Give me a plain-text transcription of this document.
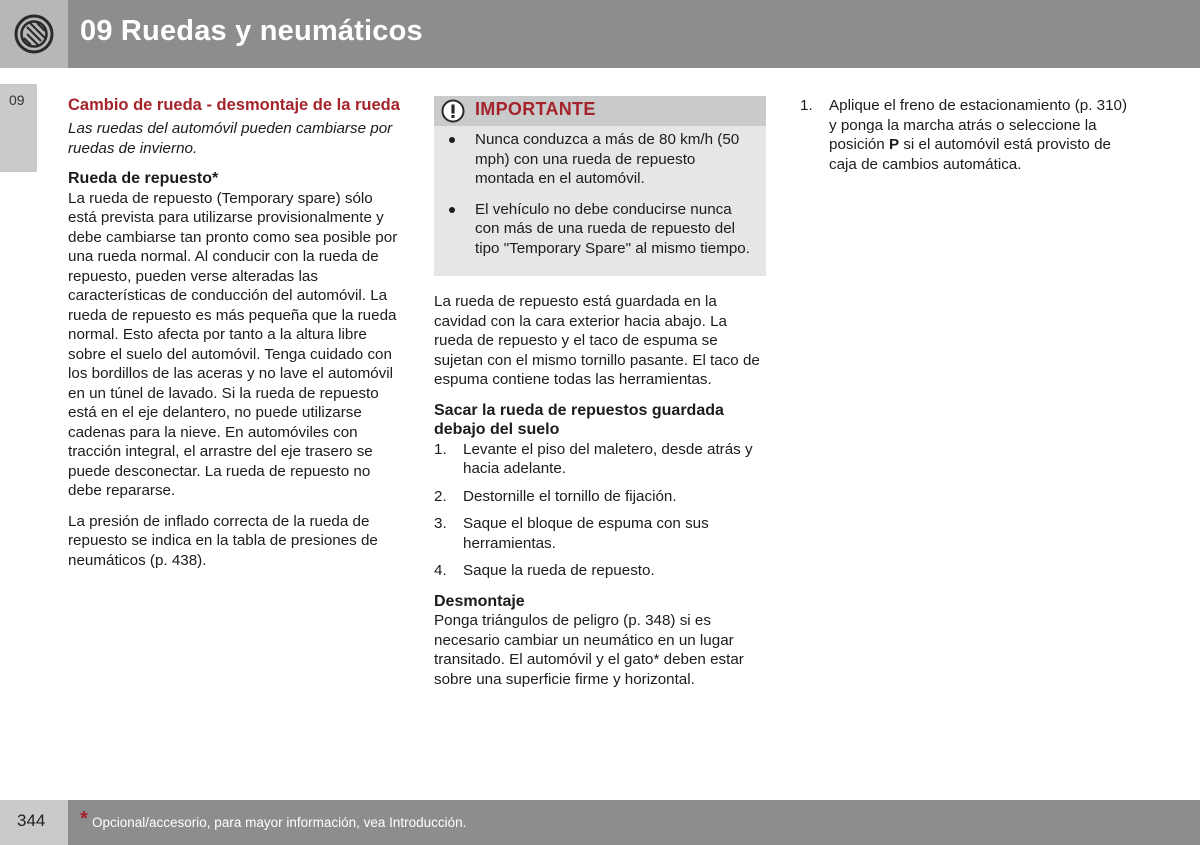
09 Ruedas y neumáticos
09	Cambio de rueda - desmontaje de la rueda
Las ruedas del automóvil pueden cambiarse por ruedas de invierno.
Rueda de repuesto*

La rueda de repuesto (Temporary spare) sólo está prevista para utilizarse provisionalmente y debe cambiarse tan pronto como sea posible por una rueda normal. Al conducir con la rueda de repuesto, pueden verse alteradas las características de conducción del automóvil. La rueda de repuesto es más pequeña que la rueda normal. Esto afecta por tanto a la altura libre sobre el suelo del automóvil. Tenga cuidado con los bordillos de las aceras y no lave el automóvil en un túnel de lavado. Si la rueda de repuesto está en el eje delantero, no puede utilizarse cadenas para la nieve. En automóviles con tracción integral, el arrastre del eje trasero se puede desconectar. La rueda de repuesto no debe repararse.

La presión de inflado correcta de la rueda de repuesto se indica en la tabla de presiones de neumáticos (p. 438).

IMPORTANTE
Nunca conduzca a más de 80 km/h (50 mph) con una rueda de repuesto montada en el automóvil.
El vehículo no debe conducirse nunca con más de una rueda de repuesto del tipo "Temporary Spare" al mismo tiempo.

La rueda de repuesto está guardada en la cavidad con la cara exterior hacia abajo. La rueda de repuesto y el taco de espuma se sujetan con el mismo tornillo pasante. El taco de espuma contiene todas las herramientas.

Sacar la rueda de repuestos guardada debajo del suelo
1.	Levante el piso del maletero, desde atrás y hacia adelante.
2.	Destornille el tornillo de fijación.
3.	Saque el bloque de espuma con sus herramientas.
4.	Saque la rueda de repuesto.
Desmontaje

Ponga triángulos de peligro (p. 348) si es necesario cambiar un neumático en un lugar transitado. El automóvil y el gato* deben estar sobre una superficie firme y horizontal.

1.	Aplique el freno de estacionamiento (p. 310) y ponga la marcha atrás o seleccione la posición P si el automóvil está provisto de caja de cambios automática.
344 * Opcional/accesorio, para mayor información, vea Introducción.
